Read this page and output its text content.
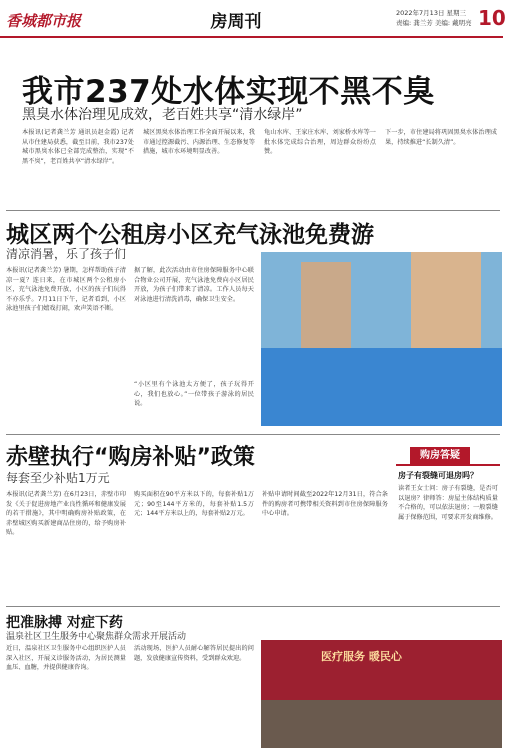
香城都市报	房周刊	2022年7月13日 星期三
责编: 龚兰芳 美编: 戴明亮 10
我市237处水体实现不黑不臭
黑臭水体治理见成效，老百姓共享“清水绿岸”
本报讯(记者龚兰芳 通讯员赵金霞) 记者从市住建局获悉，截至目前，我市237处城市黑臭水体已全部完成整治，实现“不黑不臭”，老百姓共享“清水绿岸”。
城区黑臭水体治理工作全面开展以来，我市通过控源截污、内源治理、生态修复等措施，城市水环境明显改善。
龟山水库、王家庄水库、刘家桥水库等一批水体完成综合治理，周边群众纷纷点赞。
下一步，市住建局将巩固黑臭水体治理成果，持续推进“长制久清”。
城区两个公租房小区充气泳池免费游
清凉消暑，乐了孩子们
本报讯(记者龚兰芳) 暑期，怎样帮助孩子清凉一夏？连日来，在市城区两个公租房小区，充气泳池免费开放，小区的孩子们玩得不亦乐乎。7月11日下午，记者看到，小区泳池里孩子们嬉戏打闹，欢声笑语不断。
据了解，此次活动由市住房保障服务中心联合物业公司开展，充气泳池免费向小区居民开放，为孩子们带来了清凉。工作人员每天对泳池进行清洗消毒，确保卫生安全。
“小区里有个泳池太方便了，孩子玩得开心，我们也放心。”一位带孩子游泳的居民说。
赤壁执行“购房补贴”政策
每套至少补贴1万元
本报讯(记者龚兰芳) 在6月23日，赤壁市印发《关于促进房地产业良性循环和健康发展的若干措施》，其中明确购房补贴政策，在赤壁城区购买新建商品住房的，给予购房补贴。
购买面积在90平方米以下的，每套补贴1万元；90至144平方米的，每套补贴1.5万元；144平方米以上的，每套补贴2万元。
补贴申请时间截至2022年12月31日，符合条件的购房者可携带相关资料到市住房保障服务中心申请。
购房答疑
房子有裂缝可退房吗？
读者王女士问：房子有裂缝，是否可以退房？律师答：房屋主体结构质量不合格的，可以依法退房；一般裂缝属于保修范围，可要求开发商维修。
把准脉搏 对症下药
温泉社区卫生服务中心聚焦群众需求开展活动
近日，温泉社区卫生服务中心组织医护人员深入社区，开展义诊服务活动，为居民测量血压、血糖，并提供健康咨询。
活动现场，医护人员耐心解答居民提出的问题，发放健康宣传资料，受到群众欢迎。	医疗服务 暖民心
